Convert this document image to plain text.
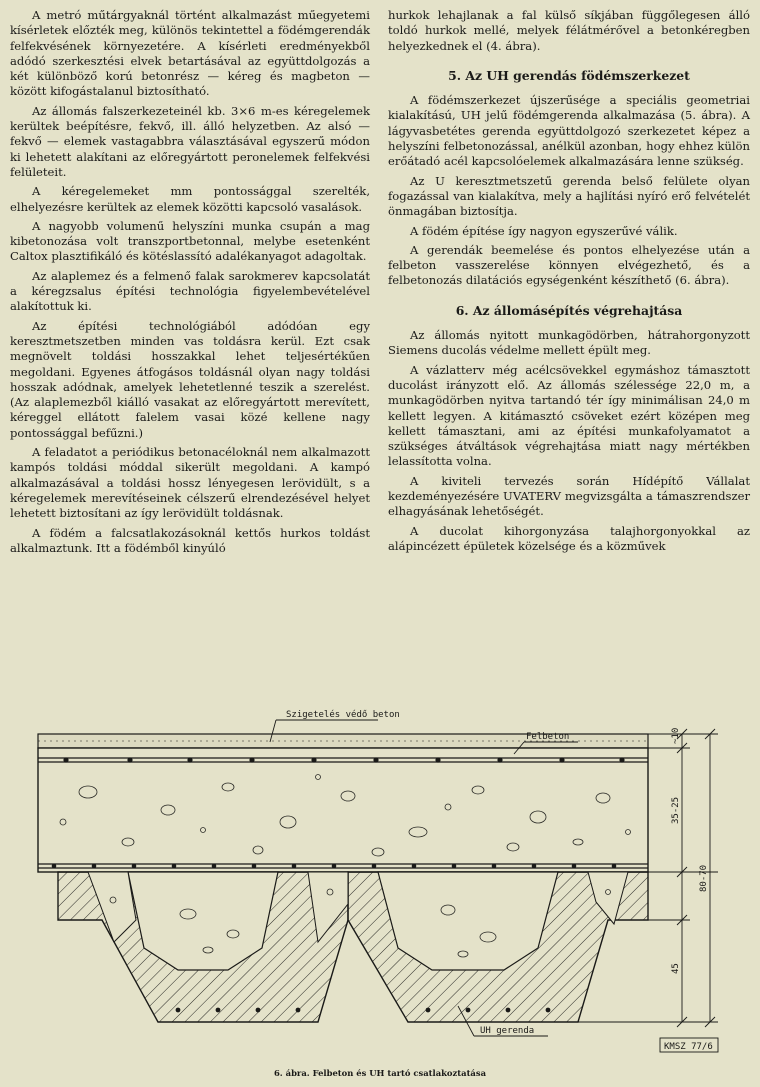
A metró műtárgyaknál történt alkalmazást műegyetemi kísérletek előzték meg, különös tekintettel a födémgerendák felfekvésének környezetére. A kísérleti eredményekből adódó szerkesztési elvek betartásával az együttdolgozás a két különböző korú betonrész — kéreg és magbeton — között kifogástalanul biztosítható.

Az állomás falszerkezeteinél kb. 3×6 m-es kéregelemek kerültek beépítésre, fekvő, ill. álló helyzetben. Az alsó — fekvő — elemek vastagabbra választásával egyszerű módon ki lehetett alakítani az előregyártott peronelemek felfekvési felületeit.

A kéregelemeket mm pontossággal szerelték, elhelyezésre kerültek az elemek közötti kapcsoló vasalások.

A nagyobb volumenű helyszíni munka csupán a mag kibetonozása volt transzportbetonnal, melybe esetenként Caltox plasztifikáló és kötéslassító adalékanyagot adagoltak.

Az alaplemez és a felmenő falak sarokmerev kapcsolatát a kéregzsalus építési technológia figyelembevételével alakítottuk ki.

Az építési technológiából adódóan egy keresztmetszetben minden vas toldásra kerül. Ezt csak megnövelt toldási hosszakkal lehet teljesértékűen megoldani. Egyenes átfogásos toldásnál olyan nagy toldási hosszak adódnak, amelyek lehetetlenné teszik a szerelést. (Az alaplemezből kiálló vasakat az előregyártott merevített, kéreggel ellátott falelem vasai közé kellene nagy pontossággal befűzni.)

A feladatot a periódikus betonacéloknál nem alkalmazott kampós toldási móddal sikerült megoldani. A kampó alkalmazásával a toldási hossz lényegesen lerövidült, s a kéregelemek merevítéseinek célszerű elrendezésével helyet lehetett biztosítani az így lerövidült toldásnak.

A födém a falcsatlakozásoknál kettős hurkos toldást alkalmaztunk. Itt a födémből kinyúló

hurkok lehajlanak a fal külső síkjában függőlegesen álló toldó hurkok mellé, melyek félátmérővel a betonkéregben helyezkednek el (4. ábra).

5. Az UH gerendás födémszerkezet

A födémszerkezet újszerűsége a speciális geometriai kialakítású, UH jelű födémgerenda alkalmazása (5. ábra). A lágyvasbetétes gerenda együttdolgozó szerkezetet képez a helyszíni felbetonozással, anélkül azonban, hogy ehhez külön erőátadó acél kapcsolóelemek alkalmazására lenne szükség.

Az U keresztmetszetű gerenda belső felülete olyan fogazással van kialakítva, mely a hajlítási nyíró erő felvételét önmagában biztosítja.

A födém építése így nagyon egyszerűvé válik.

A gerendák beemelése és pontos elhelyezése után a felbeton vasszerelése könnyen elvégezhető, és a felbetonozás dilatációs egységenként készíthető (6. ábra).

6. Az állomásépítés végrehajtása

Az állomás nyitott munkagödörben, hátrahorgonyzott Siemens ducolás védelme mellett épült meg.

A vázlatterv még acélcsövekkel egymáshoz támasztott ducolást irányzott elő. Az állomás szélessége 22,0 m, a munkagödörben nyitva tartandó tér így minimálisan 24,0 m kellett legyen. A kitámasztó csöveket ezért középen meg kellett támasztani, ami az építési munkafolyamatot a szükséges átváltások végrehajtása miatt nagy mértékben lelassította volna.

A kiviteli tervezés során Hídépítő Vállalat kezdeményezésére UVATERV megvizsgálta a támaszrendszer elhagyásának lehetőségét.

A ducolat kihorgonyzása talajhorgonyokkal az alápincézett épületek közelsége és a közművek

Szigetelés védő beton
Felbeton
UH gerenda
~10
35-25
80-70
45
KMSZ 77/6
6. ábra. Felbeton és UH tartó csatlakoztatása
